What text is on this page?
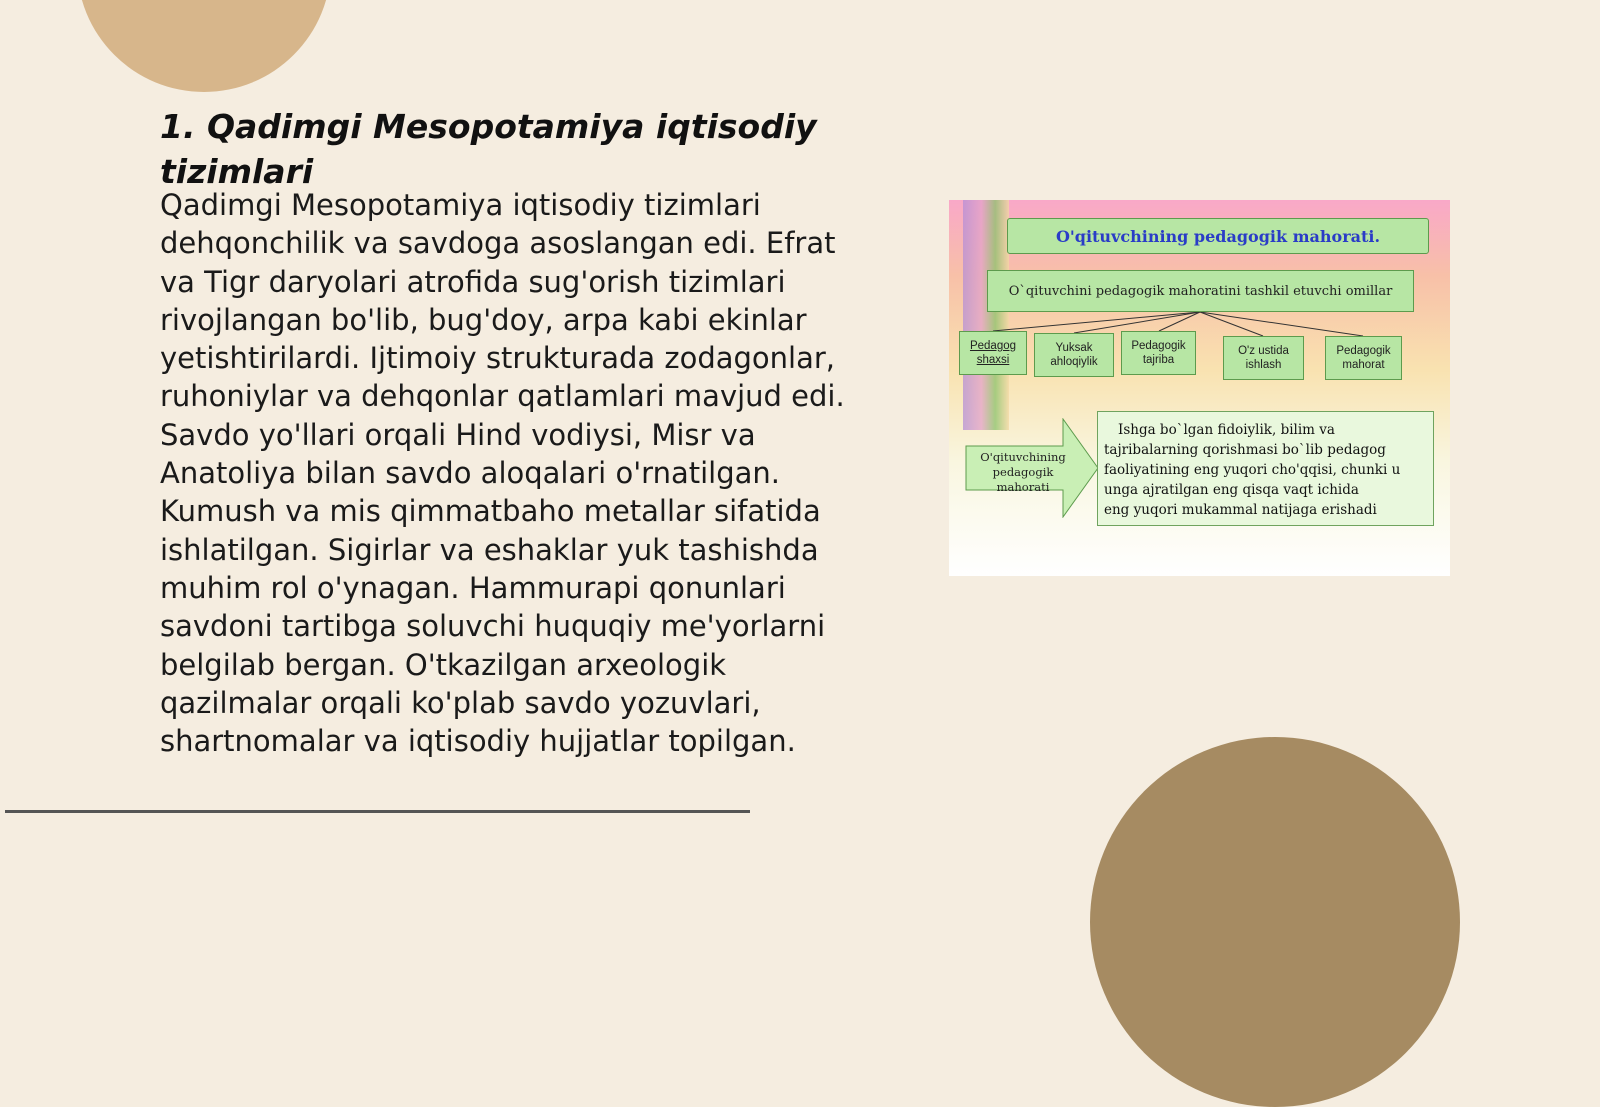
1. Qadimgi Mesopotamiya iqtisodiy tizimlari

Qadimgi Mesopotamiya iqtisodiy tizimlari dehqonchilik va savdoga asoslangan edi. Efrat va Tigr daryolari atrofida sug'orish tizimlari rivojlangan bo'lib, bug'doy, arpa kabi ekinlar yetishtirilardi. Ijtimoiy strukturada zodagonlar, ruhoniylar va dehqonlar qatlamlari mavjud edi. Savdo yo'llari orqali Hind vodiysi, Misr va Anatoliya bilan savdo aloqalari o'rnatilgan. Kumush va mis qimmatbaho metallar sifatida ishlatilgan. Sigirlar va eshaklar yuk tashishda muhim rol o'ynagan. Hammurapi qonunlari savdoni tartibga soluvchi huquqiy me'yorlarni belgilab bergan. O'tkazilgan arxeologik qazilmalar orqali ko'plab savdo yozuvlari, shartnomalar va iqtisodiy hujjatlar topilgan.

O'qituvchining pedagogik mahorati.
O`qituvchini pedagogik mahoratini tashkil etuvchi omillar
Pedagog
shaxsi
Yuksak
ahloqiylik
Pedagogik
tajriba
O'z ustida
ishlash
Pedagogik
mahorat
O'qituvchining
pedagogik mahorati
Ishga bo`lgan fidoiylik, bilim va
tajribalarning qorishmasi bo`lib pedagog
faoliyatining eng yuqori cho'qqisi, chunki u
unga ajratilgan eng qisqa vaqt ichida
eng yuqori mukammal natijaga erishadi
